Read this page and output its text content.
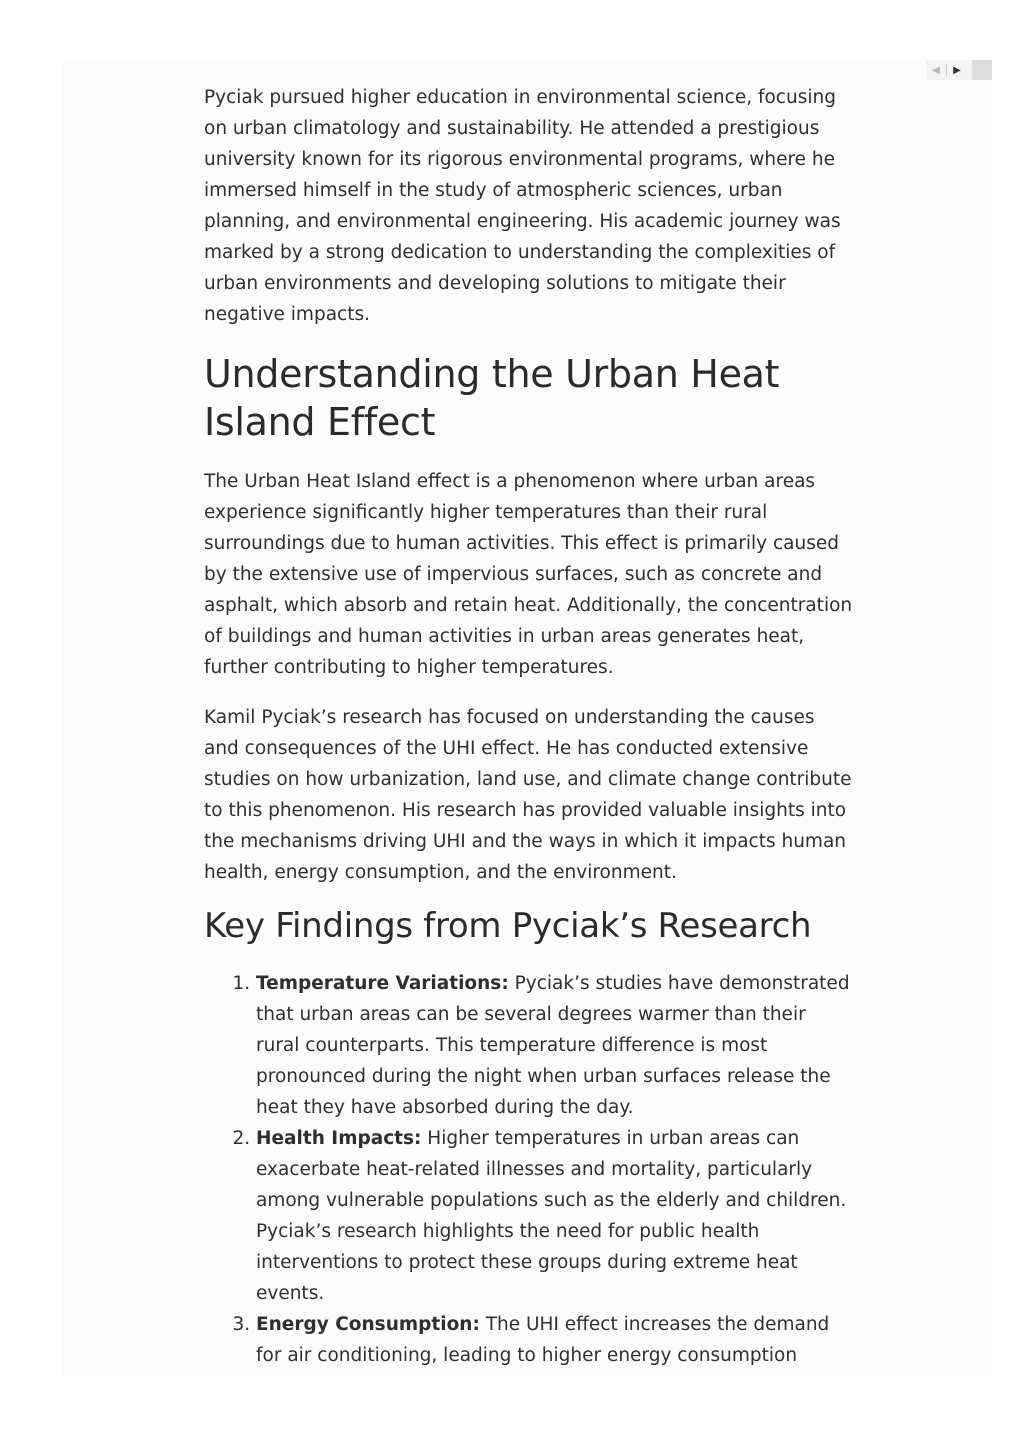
◀	▶

Pyciak pursued higher education in environmental science, focusing on urban climatology and sustainability. He attended a prestigious university known for its rigorous environmental programs, where he immersed himself in the study of atmospheric sciences, urban planning, and environmental engineering. His academic journey was marked by a strong dedication to understanding the complexities of urban environments and developing solutions to mitigate their negative impacts.

Understanding the Urban Heat Island Effect

The Urban Heat Island effect is a phenomenon where urban areas experience significantly higher temperatures than their rural surroundings due to human activities. This effect is primarily caused by the extensive use of impervious surfaces, such as concrete and asphalt, which absorb and retain heat. Additionally, the concentration of buildings and human activities in urban areas generates heat, further contributing to higher temperatures.

Kamil Pyciak’s research has focused on understanding the causes and consequences of the UHI effect. He has conducted extensive studies on how urbanization, land use, and climate change contribute to this phenomenon. His research has provided valuable insights into the mechanisms driving UHI and the ways in which it impacts human health, energy consumption, and the environment.

Key Findings from Pyciak’s Research
1. Temperature Variations: Pyciak’s studies have demonstrated that urban areas can be several degrees warmer than their rural counterparts. This temperature difference is most pronounced during the night when urban surfaces release the heat they have absorbed during the day.
2. Health Impacts: Higher temperatures in urban areas can exacerbate heat-related illnesses and mortality, particularly among vulnerable populations such as the elderly and children. Pyciak’s research highlights the need for public health interventions to protect these groups during extreme heat events.
3. Energy Consumption: The UHI effect increases the demand for air conditioning, leading to higher energy consumption
